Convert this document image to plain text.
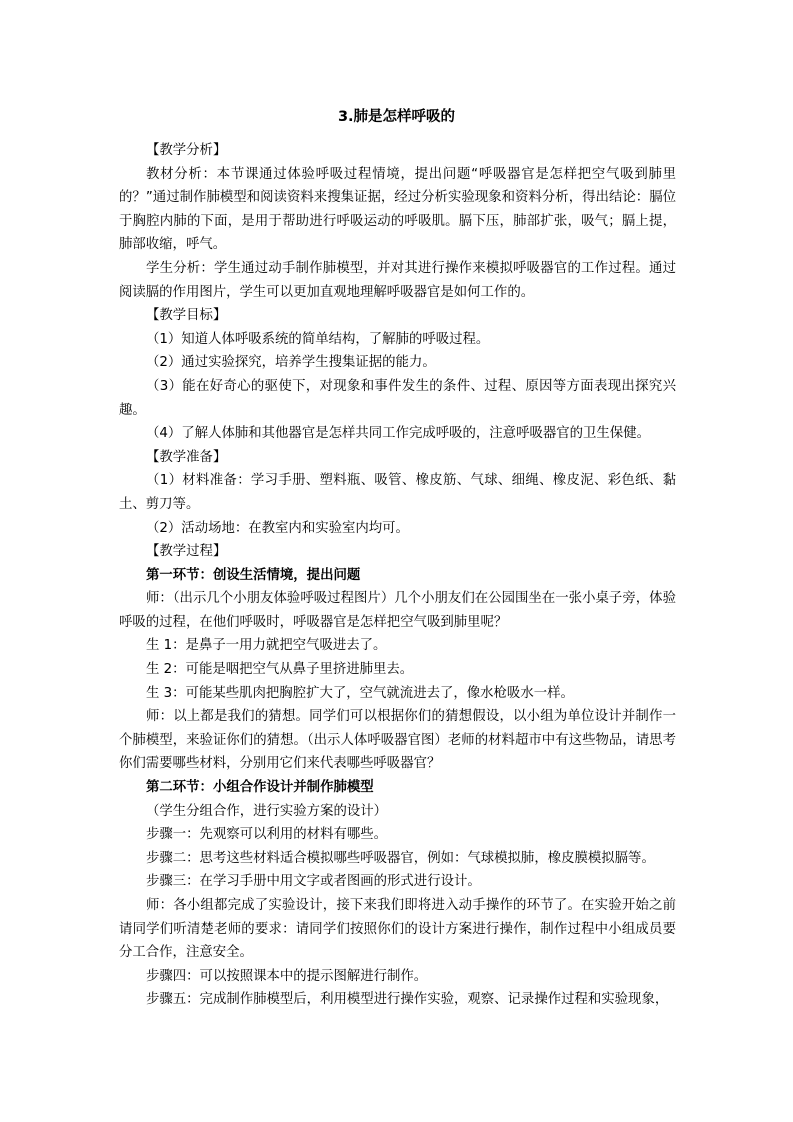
3.肺是怎样呼吸的

【教学分析】

教材分析：本节课通过体验呼吸过程情境，提出问题“呼吸器官是怎样把空气吸到肺里的？”通过制作肺模型和阅读资料来搜集证据，经过分析实验现象和资料分析，得出结论：膈位于胸腔内肺的下面，是用于帮助进行呼吸运动的呼吸肌。膈下压，肺部扩张，吸气；膈上提，肺部收缩，呼气。

学生分析：学生通过动手制作肺模型，并对其进行操作来模拟呼吸器官的工作过程。通过阅读膈的作用图片，学生可以更加直观地理解呼吸器官是如何工作的。

【教学目标】

（1）知道人体呼吸系统的简单结构，了解肺的呼吸过程。

（2）通过实验探究，培养学生搜集证据的能力。

（3）能在好奇心的驱使下，对现象和事件发生的条件、过程、原因等方面表现出探究兴趣。

（4）了解人体肺和其他器官是怎样共同工作完成呼吸的，注意呼吸器官的卫生保健。

【教学准备】

（1）材料准备：学习手册、塑料瓶、吸管、橡皮筋、气球、细绳、橡皮泥、彩色纸、黏土、剪刀等。

（2）活动场地：在教室内和实验室内均可。

【教学过程】

第一环节：创设生活情境，提出问题

师：（出示几个小朋友体验呼吸过程图片）几个小朋友们在公园围坐在一张小桌子旁，体验呼吸的过程，在他们呼吸时，呼吸器官是怎样把空气吸到肺里呢？

生 1：是鼻子一用力就把空气吸进去了。

生 2：可能是咽把空气从鼻子里挤进肺里去。

生 3：可能某些肌肉把胸腔扩大了，空气就流进去了，像水枪吸水一样。

师：以上都是我们的猜想。同学们可以根据你们的猜想假设，以小组为单位设计并制作一个肺模型，来验证你们的猜想。（出示人体呼吸器官图）老师的材料超市中有这些物品，请思考你们需要哪些材料，分别用它们来代表哪些呼吸器官？

第二环节：小组合作设计并制作肺模型

（学生分组合作，进行实验方案的设计）

步骤一：先观察可以利用的材料有哪些。

步骤二：思考这些材料适合模拟哪些呼吸器官，例如：气球模拟肺，橡皮膜模拟膈等。

步骤三：在学习手册中用文字或者图画的形式进行设计。

师：各小组都完成了实验设计，接下来我们即将进入动手操作的环节了。在实验开始之前请同学们听清楚老师的要求：请同学们按照你们的设计方案进行操作，制作过程中小组成员要分工合作，注意安全。

步骤四：可以按照课本中的提示图解进行制作。

步骤五：完成制作肺模型后，利用模型进行操作实验，观察、记录操作过程和实验现象，
